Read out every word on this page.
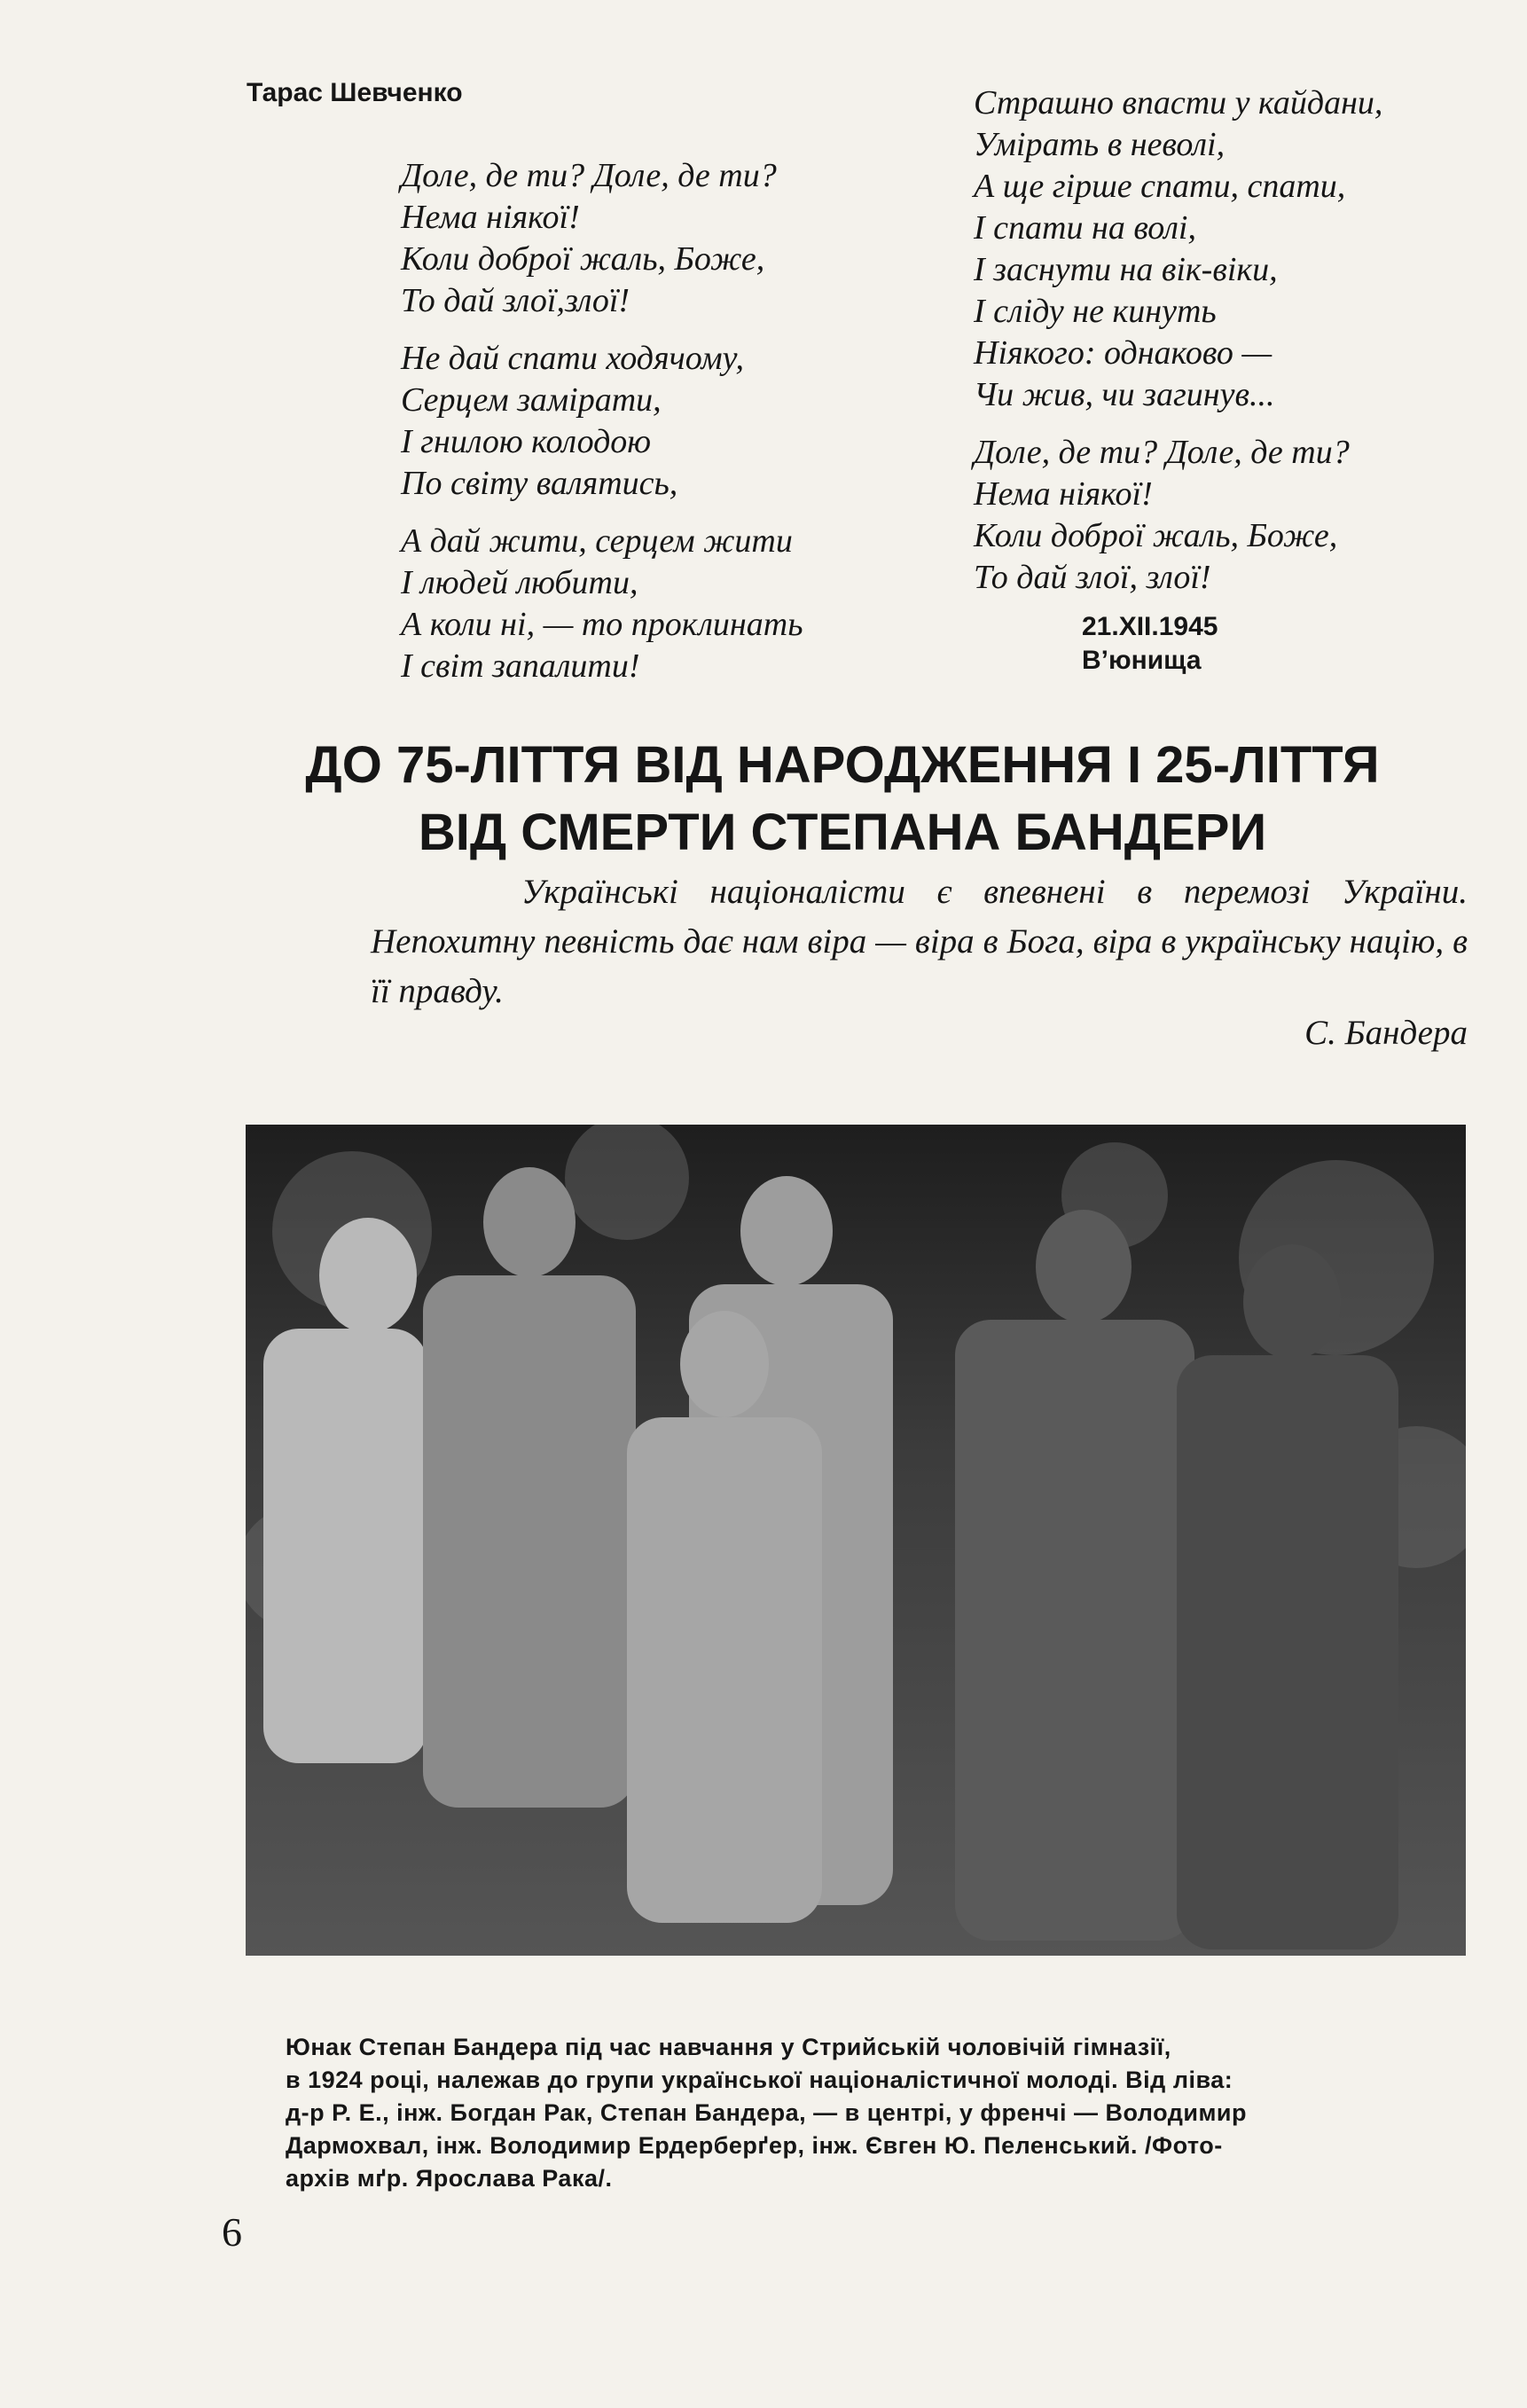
Тарас Шевченко
Доле, де ти? Доле, де ти?
Нема ніякої!
Коли доброї жаль, Боже,
То дай злої,злої!
Не дай спати ходячому,
Серцем замірати,
І гнилою колодою
По світу валятись,
А дай жити, серцем жити
І людей любити,
А коли ні, — то проклинать
І світ запалити!
Страшно впасти у кайдани,
Умірать в неволі,
А ще гірше спати, спати,
І спати на волі,
І заснути на вік-віки,
І сліду не кинуть
Ніякого: однаково —
Чи жив, чи загинув...
Доле, де ти? Доле, де ти?
Нема ніякої!
Коли доброї жаль, Боже,
То дай злої, злої!
21.XII.1945
В’юнища
ДО 75-ЛІТТЯ ВІД НАРОДЖЕННЯ І 25-ЛІТТЯ
ВІД СМЕРТИ СТЕПАНА БАНДЕРИ

Українські націоналісти є впевнені в перемозі України. Непохитну певність дає нам віра — віра в Бога, віра в українську націю, в її правду.

С. Бандера
Юнак Степан Бандера під час навчання у Стрийській чоловічій гімназії,
в 1924 році, належав до групи української націоналістичної молоді. Від ліва:
д-р Р. Е., інж. Богдан Рак, Степан Бандера, — в центрі, у френчі — Володимир
Дармохвал, інж. Володимир Ердерберґер, інж. Євген Ю. Пеленський. /Фото-
архів мґр. Ярослава Рака/.
6
